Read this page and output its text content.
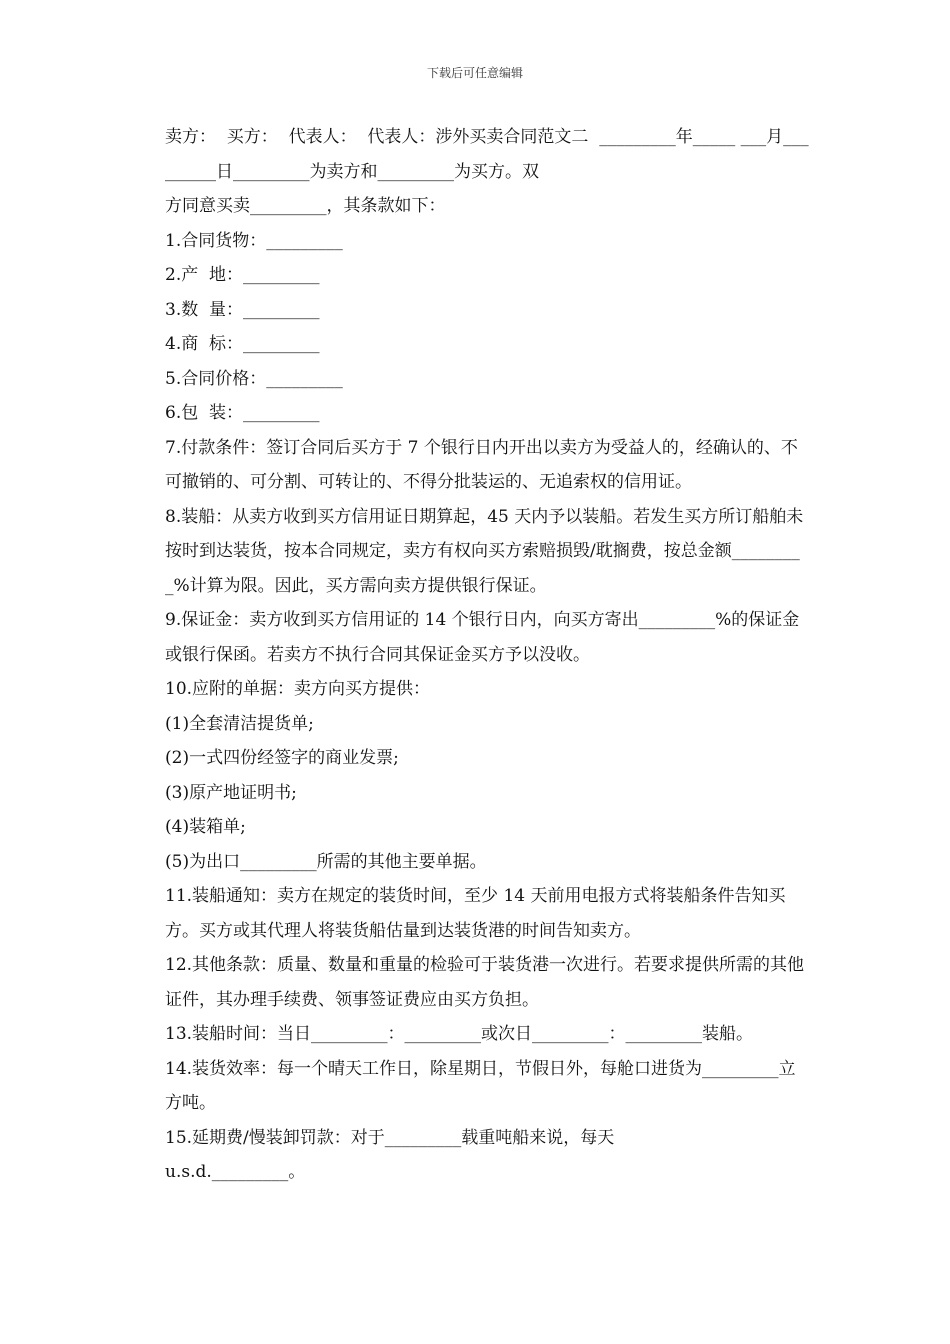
下载后可任意编辑

卖方：  买方：  代表人：  代表人：涉外买卖合同范文二  _________年_____ ___月_________日_________为卖方和_________为买方。双

方同意买卖_________，其条款如下：

1.合同货物：_________

2.产  地：_________

3.数  量：_________

4.商  标：_________

5.合同价格：_________

6.包  装：_________

7.付款条件：签订合同后买方于 7 个银行日内开出以卖方为受益人的，经确认的、不可撤销的、可分割、可转让的、不得分批装运的、无追索权的信用证。

8.装船：从卖方收到买方信用证日期算起，45 天内予以装船。若发生买方所订船舶未按时到达装货，按本合同规定，卖方有权向买方索赔损毁/耽搁费，按总金额_________%计算为限。因此，买方需向卖方提供银行保证。

9.保证金：卖方收到买方信用证的 14 个银行日内，向买方寄出_________%的保证金或银行保函。若卖方不执行合同其保证金买方予以没收。

10.应附的单据：卖方向买方提供：

(1)全套清洁提货单;

(2)一式四份经签字的商业发票;

(3)原产地证明书;

(4)装箱单;

(5)为出口_________所需的其他主要单据。

11.装船通知：卖方在规定的装货时间，至少 14 天前用电报方式将装船条件告知买方。买方或其代理人将装货船估量到达装货港的时间告知卖方。

12.其他条款：质量、数量和重量的检验可于装货港一次进行。若要求提供所需的其他证件，其办理手续费、领事签证费应由买方负担。

13.装船时间：当日_________：_________或次日_________：_________装船。

14.装货效率：每一个晴天工作日，除星期日，节假日外，每舱口进货为_________立方吨。

15.延期费/慢装卸罚款：对于_________载重吨船来说，每天

u.s.d._________。
